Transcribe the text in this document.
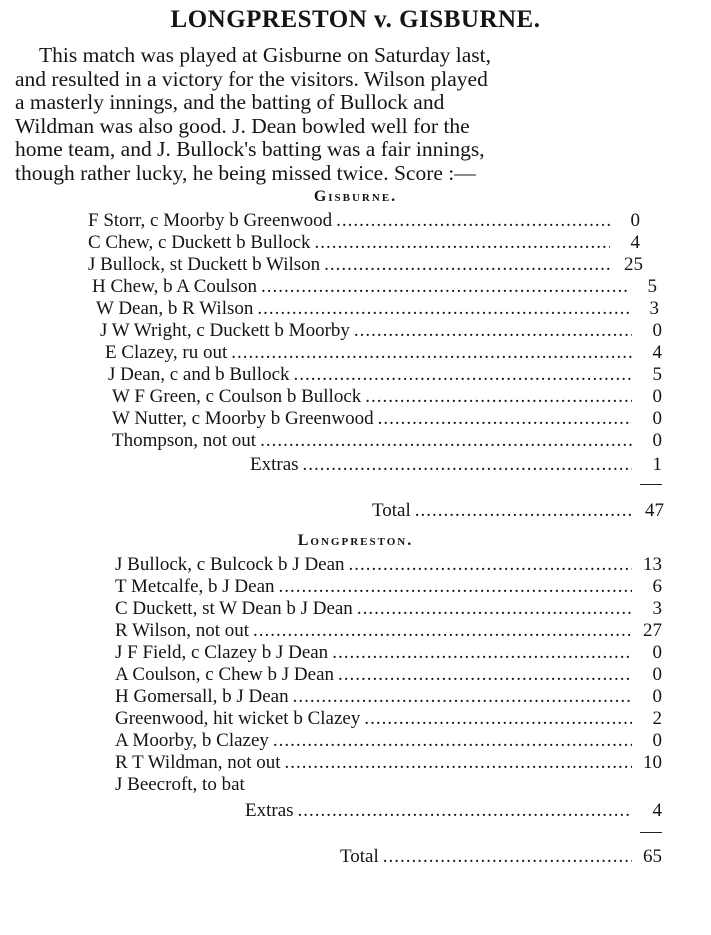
LONGPRESTON v. GISBURNE.
This match was played at Gisburne on Saturday last,
and resulted in a victory for the visitors. Wilson played
a masterly innings, and the batting of Bullock and
Wildman was also good. J. Dean bowled well for the
home team, and J. Bullock's batting was a fair innings,
though rather lucky, he being missed twice. Score :—
Gisburne.
F Storr, c Moorby b Greenwood .....	0
C Chew, c Duckett b Bullock .....	4
J Bullock, st Duckett b Wilson .....	25
H Chew, b A Coulson .....	5
W Dean, b R Wilson .....	3
J W Wright, c Duckett b Moorby .....	0
E Clazey, ru out .....	4
J Dean, c and b Bullock .....	5
W F Green, c Coulson b Bullock .....	0
W Nutter, c Moorby b Greenwood .....	0
Thompson, not out .....	0
Extras .....	1
Total .....	47
Longpreston.
J Bullock, c Bulcock b J Dean .....	13
T Metcalfe, b J Dean .....	6
C Duckett, st W Dean b J Dean .....	3
R Wilson, not out .....	27
J F Field, c Clazey b J Dean .....	0
A Coulson, c Chew b J Dean .....	0
H Gomersall, b J Dean .....	0
Greenwood, hit wicket b Clazey .....	2
A Moorby, b Clazey .....	0
R T Wildman, not out .....	10
J Beecroft, to bat
Extras .....	4
Total .....	65
